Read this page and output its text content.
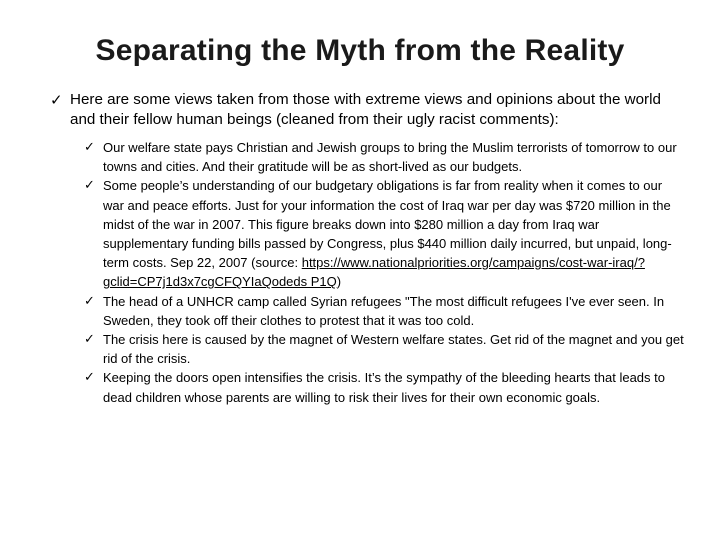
Separating the Myth from the Reality
✓ Here are some views taken from those with extreme views and opinions about the world and their fellow human beings (cleaned from their ugly racist comments):

✓ Our welfare state pays Christian and Jewish groups to bring the Muslim terrorists of tomorrow to our towns and cities. And their gratitude will be as short-lived as our budgets.

✓ Some people’s understanding of our budgetary obligations is far from reality when it comes to our war and peace efforts. Just for your information the cost of Iraq war per day was $720 million in the midst of the war in 2007. This figure breaks down into $280 million a day from Iraq war supplementary funding bills passed by Congress, plus $440 million daily incurred, but unpaid, long-term costs. Sep 22, 2007 (source: https://www.nationalpriorities.org/campaigns/cost-war-iraq/?gclid=CP7j1d3x7cgCFQYIaQodeds P1Q)

✓ The head of a UNHCR camp called Syrian refugees "The most difficult refugees I've ever seen. In Sweden, they took off their clothes to protest that it was too cold.

✓ The crisis here is caused by the magnet of Western welfare states. Get rid of the magnet and you get rid of the crisis.

✓ Keeping the doors open intensifies the crisis. It’s the sympathy of the bleeding hearts that leads to dead children whose parents are willing to risk their lives for their own economic goals.
